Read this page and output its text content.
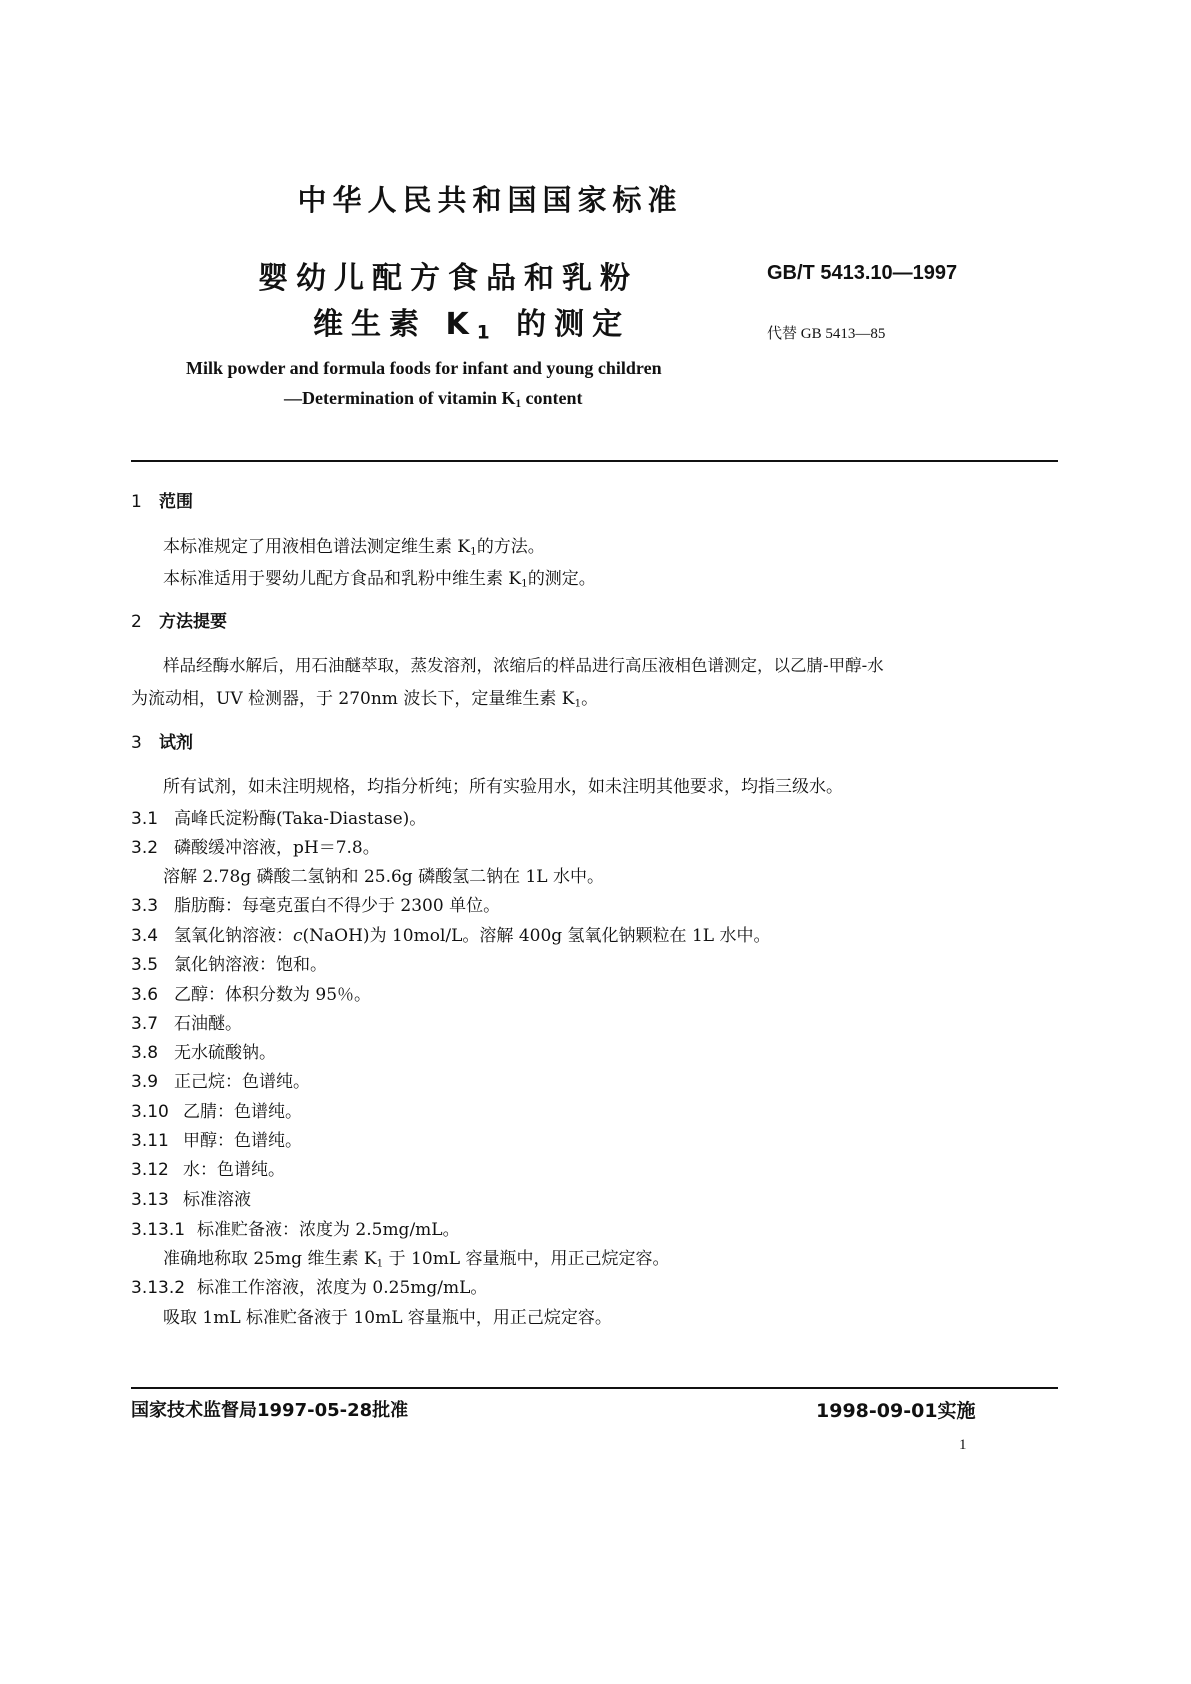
中华人民共和国国家标准
婴幼儿配方食品和乳粉
维生素 $K_1$ 的测定
GB/T 5413.10—1997
代替 GB 5413—85
Milk powder and formula foods for infant and young children
—Determination of vitamin $K_1$ content
1 范围
本标准规定了用液相色谱法测定维生素 $K_1$的方法。
本标准适用于婴幼儿配方食品和乳粉中维生素 $K_1$的测定。
2 方法提要
样品经酶水解后，用石油醚萃取，蒸发溶剂，浓缩后的样品进行高压液相色谱测定，以乙腈-甲醇-水
为流动相，UV 检测器，于 270nm 波长下，定量维生素 $K_1$。
3 试剂
所有试剂，如未注明规格，均指分析纯；所有实验用水，如未注明其他要求，均指三级水。
3.1 高峰氏淀粉酶(Taka-Diastase)。
3.2 磷酸缓冲溶液，pH＝7.8。
溶解 2.78g 磷酸二氢钠和 25.6g 磷酸氢二钠在 1L 水中。
3.3 脂肪酶：每毫克蛋白不得少于 2300 单位。
3.4 氢氧化钠溶液：c(NaOH)为 10mol/L。溶解 400g 氢氧化钠颗粒在 1L 水中。
3.5 氯化钠溶液：饱和。
3.6 乙醇：体积分数为 95％。
3.7 石油醚。
3.8 无水硫酸钠。
3.9 正己烷：色谱纯。
3.10 乙腈：色谱纯。
3.11 甲醇：色谱纯。
3.12 水：色谱纯。
3.13 标准溶液
3.13.1 标准贮备液：浓度为 2.5mg/mL。
准确地称取 25mg 维生素 $K_1$ 于 10mL 容量瓶中，用正己烷定容。
3.13.2 标准工作溶液，浓度为 0.25mg/mL。
吸取 1mL 标准贮备液于 10mL 容量瓶中，用正己烷定容。
国家技术监督局1997-05-28批准	1998-09-01实施
1
